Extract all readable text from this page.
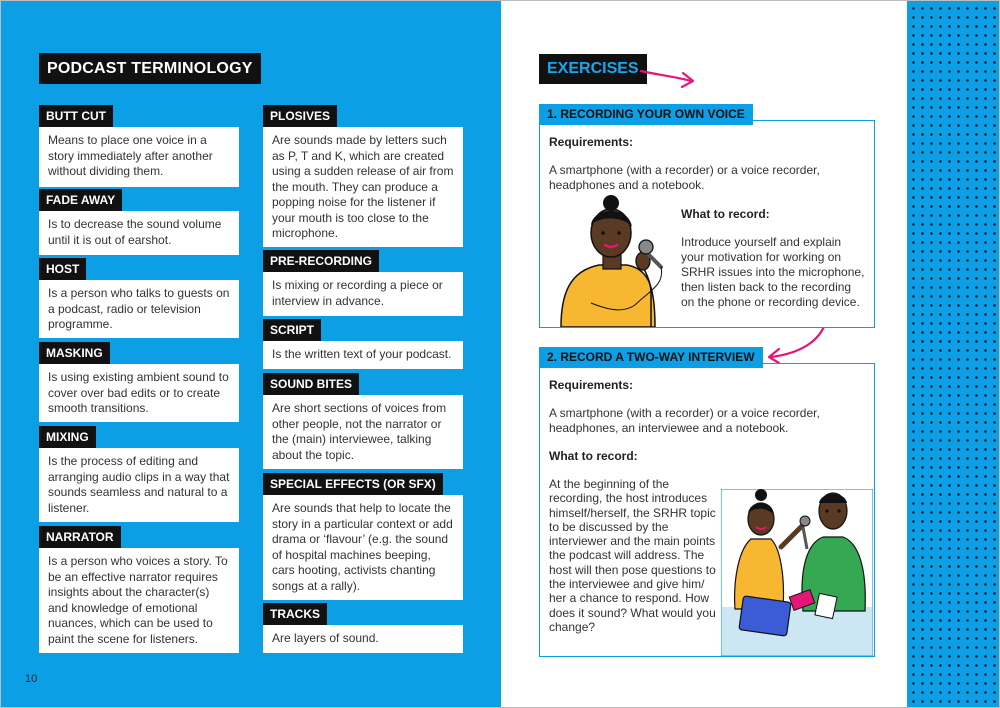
PODCAST TERMINOLOGY
BUTT CUT
Means to place one voice in a story immediately after another without dividing them.
FADE AWAY
Is to decrease the sound volume until it is out of earshot.
HOST
Is a person who talks to guests on a podcast, radio or television programme.
MASKING
Is using existing ambient sound to cover over bad edits or to create smooth transitions.
MIXING
Is the process of editing and arranging audio clips in a way that sounds seamless and natural to a listener.
NARRATOR
Is a person who voices a story. To be an effective narrator requires insights about the character(s) and knowledge of emotional nuances, which can be used to paint the scene for listeners.
PLOSIVES
Are sounds made by letters such as P, T and K, which are created using a sudden release of air from the mouth. They can produce a popping noise for the listener if your mouth is too close to the microphone.
PRE-RECORDING
Is mixing or recording a piece or interview in advance.
SCRIPT
Is the written text of your podcast.
SOUND BITES
Are short sections of voices from other people, not the narrator or the (main) interviewee, talking about the topic.
SPECIAL EFFECTS (OR SFX)
Are sounds that help to locate the story in a particular context or add drama or ‘flavour’ (e.g. the sound of hospital machines beeping, cars hooting, activists chanting songs at a rally).
TRACKS
Are layers of sound.
10
EXERCISES
1. RECORDING YOUR OWN VOICE
Requirements:
A smartphone (with a recorder) or a voice recorder, headphones and a notebook.
What to record:
Introduce yourself and explain your motivation for working on SRHR issues into the microphone, then listen back to the recording on the phone or recording device.
2. RECORD A TWO-WAY INTERVIEW
Requirements:
A smartphone (with a recorder) or a voice recorder, headphones, an interviewee and a notebook.
What to record:
At the beginning of the recording, the host introduces himself/herself, the SRHR topic to be discussed by the interviewer and the main points the podcast will address. The host will then pose questions to the interviewee and give him/ her a chance to respond. How does it sound? What would you change?
